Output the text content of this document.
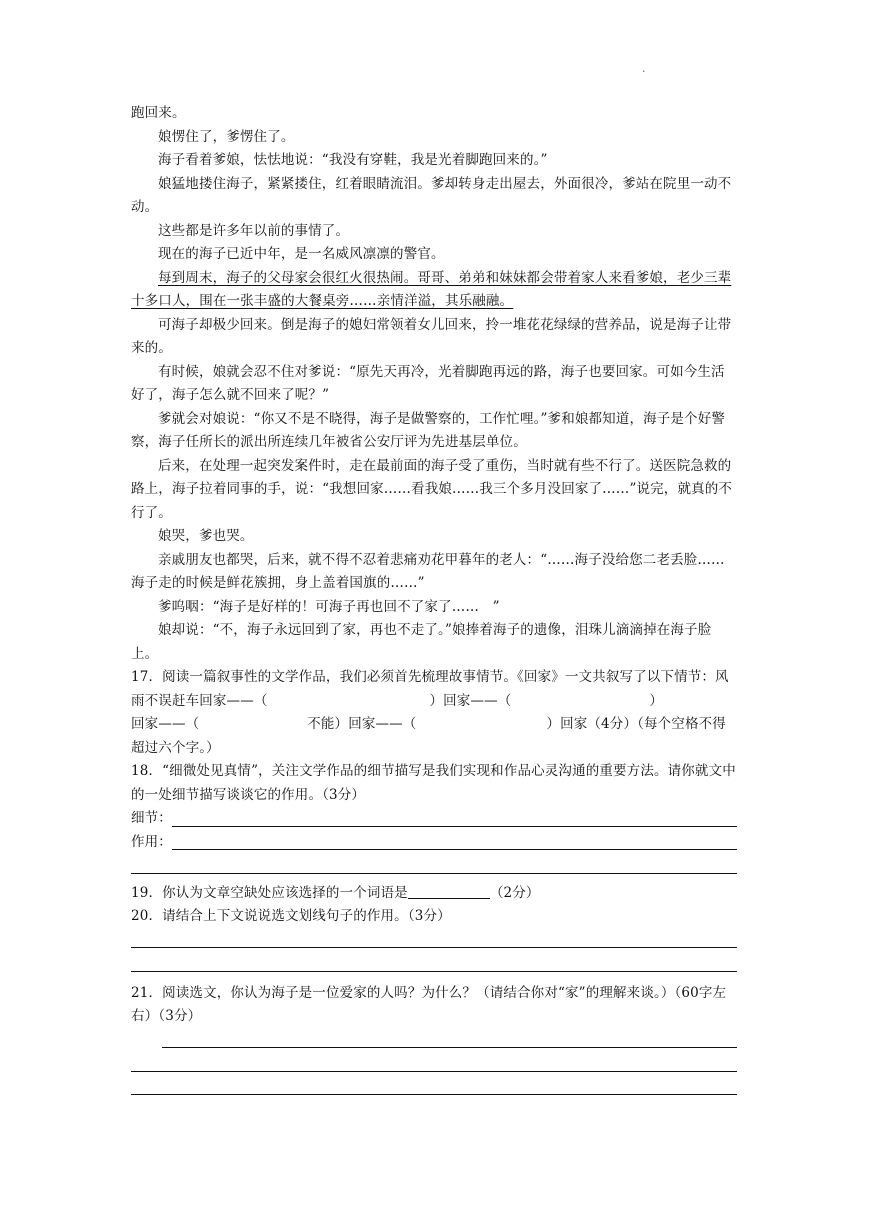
.

跑回来。

娘愣住了，爹愣住了。

海子看着爹娘，怯怯地说：“我没有穿鞋，我是光着脚跑回来的。”

娘猛地搂住海子，紧紧搂住，红着眼睛流泪。爹却转身走出屋去，外面很冷，爹站在院里一动不动。

这些都是许多年以前的事情了。

现在的海子已近中年，是一名威风凛凛的警官。

每到周末，海子的父母家会很红火很热闹。哥哥、弟弟和妹妹都会带着家人来看爹娘，老少三辈十多口人，围在一张丰盛的大餐桌旁……亲情洋溢，其乐融融。

可海子却极少回来。倒是海子的媳妇常领着女儿回来，拎一堆花花绿绿的营养品，说是海子让带来的。

有时候，娘就会忍不住对爹说：“原先天再冷，光着脚跑再远的路，海子也要回家。可如今生活好了，海子怎么就不回来了呢？”

爹就会对娘说：“你又不是不晓得，海子是做警察的，工作忙哩。”爹和娘都知道，海子是个好警察，海子任所长的派出所连续几年被省公安厅评为先进基层单位。

后来，在处理一起突发案件时，走在最前面的海子受了重伤，当时就有些不行了。送医院急救的路上，海子拉着同事的手，说：“我想回家……看我娘……我三个多月没回家了……”说完，就真的不行了。

娘哭，爹也哭。

亲戚朋友也都哭，后来，就不得不忍着悲痛劝花甲暮年的老人：“……海子没给您二老丢脸……海子走的时候是鲜花簇拥，身上盖着国旗的……”

爹呜咽：“海子是好样的！可海子再也回不了家了……　”

娘却说：“不，海子永远回到了家，再也不走了。”娘捧着海子的遗像，泪珠儿滴滴掉在海子脸上。

17．阅读一篇叙事性的文学作品，我们必须首先梳理故事情节。《回家》一文共叙写了以下情节：风雨不误赶车回家——（	）回家——（	）
回家——（	不能）回家——（	）回家（4分）（每个空格不得超过六个字。）

18．“细微处见真情”，关注文学作品的细节描写是我们实现和作品心灵沟通的重要方法。请你就文中的一处细节描写谈谈它的作用。（3分）

细节：
作用：

19．你认为文章空缺处应该选择的一个词语是	（2分）

20．请结合上下文说说选文划线句子的作用。（3分）

21．阅读选文，你认为海子是一位爱家的人吗？为什么？（请结合你对“家”的理解来谈。）（60字左右）（3分）
